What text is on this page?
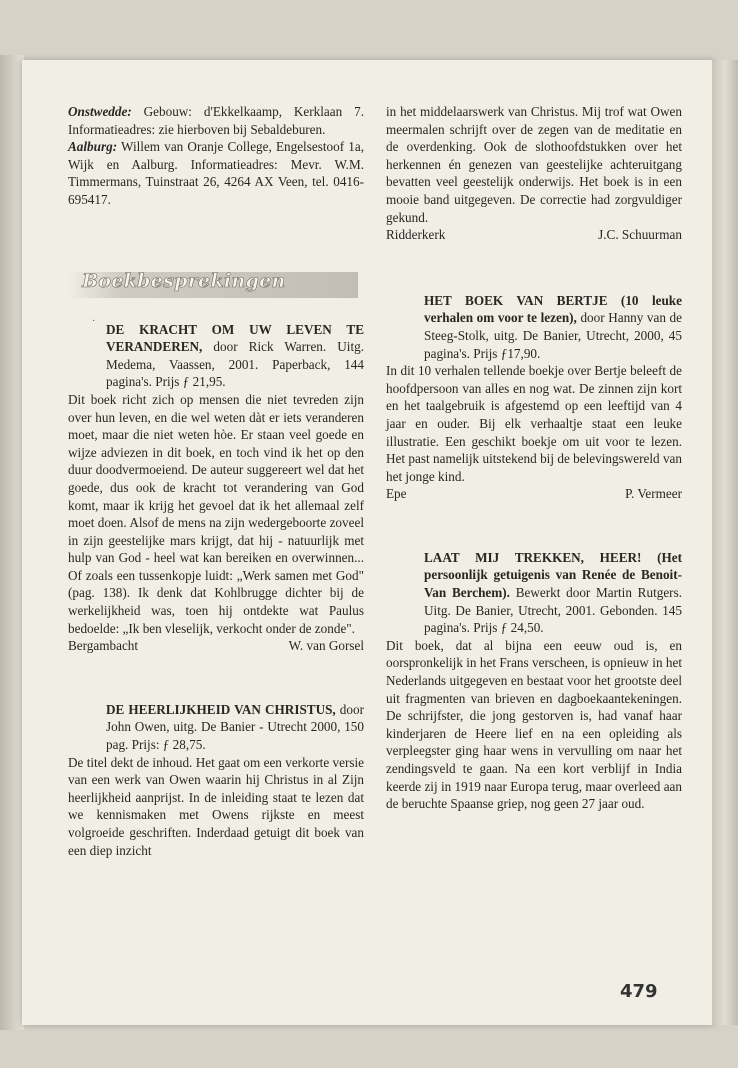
Onstwedde: Gebouw: d'Ekkelkaamp, Kerklaan 7. Informatieadres: zie hierboven bij Sebaldeburen.

Aalburg: Willem van Oranje College, Engelsestoof 1a, Wijk en Aalburg. Informatieadres: Mevr. W.M. Timmermans, Tuinstraat 26, 4264 AX Veen, tel. 0416-695417.

DE KRACHT OM UW LEVEN TE VERANDEREN, door Rick Warren. Uitg. Medema, Vaassen, 2001. Paperback, 144 pagina's. Prijs ƒ 21,95.

Dit boek richt zich op mensen die niet tevreden zijn over hun leven, en die wel weten dàt er iets veranderen moet, maar die niet weten hòe. Er staan veel goede en wijze adviezen in dit boek, en toch vind ik het op den duur doodvermoeiend. De auteur suggereert wel dat het goede, dus ook de kracht tot verandering van God komt, maar ik krijg het gevoel dat ik het allemaal zelf moet doen. Alsof de mens na zijn wedergeboorte zoveel in zijn geestelijke mars krijgt, dat hij - natuurlijk met hulp van God - heel wat kan bereiken en overwinnen... Of zoals een tussenkopje luidt: „Werk samen met God" (pag. 138). Ik denk dat Kohlbrugge dichter bij de werkelijkheid was, toen hij ontdekte wat Paulus bedoelde: „Ik ben vleselijk, verkocht onder de zonde".

Bergambacht	W. van Gorsel

DE HEERLIJKHEID VAN CHRISTUS, door John Owen, uitg. De Banier - Utrecht 2000, 150 pag. Prijs: ƒ 28,75.

De titel dekt de inhoud. Het gaat om een verkorte versie van een werk van Owen waarin hij Christus in al Zijn heerlijkheid aanprijst. In de inleiding staat te lezen dat we kennismaken met Owens rijkste en meest volgroeide geschriften. Inderdaad getuigt dit boek van een diep inzicht

Boekbesprekingen
·

in het middelaarswerk van Christus. Mij trof wat Owen meermalen schrijft over de zegen van de meditatie en de overdenking. Ook de slothoofdstukken over het herkennen én genezen van geestelijke achteruitgang bevatten veel geestelijk onderwijs. Het boek is in een mooie band uitgegeven. De correctie had zorgvuldiger gekund.

Ridderkerk	J.C. Schuurman

HET BOEK VAN BERTJE (10 leuke verhalen om voor te lezen), door Hanny van de Steeg-Stolk, uitg. De Banier, Utrecht, 2000, 45 pagina's. Prijs ƒ17,90.

In dit 10 verhalen tellende boekje over Bertje beleeft de hoofdpersoon van alles en nog wat. De zinnen zijn kort en het taalgebruik is afgestemd op een leeftijd van 4 jaar en ouder. Bij elk verhaaltje staat een leuke illustratie. Een geschikt boekje om uit voor te lezen. Het past namelijk uitstekend bij de belevingswereld van het jonge kind.

Epe	P. Vermeer

LAAT MIJ TREKKEN, HEER! (Het persoonlijk getuigenis van Renée de Benoit-Van Berchem). Bewerkt door Martin Rutgers. Uitg. De Banier, Utrecht, 2001. Gebonden. 145 pagina's. Prijs ƒ 24,50.

Dit boek, dat al bijna een eeuw oud is, en oorspronkelijk in het Frans verscheen, is opnieuw in het Nederlands uitgegeven en bestaat voor het grootste deel uit fragmenten van brieven en dagboekaantekeningen. De schrijfster, die jong gestorven is, had vanaf haar kinderjaren de Heere lief en na een opleiding als verpleegster ging haar wens in vervulling om naar het zendingsveld te gaan. Na een kort verblijf in India keerde zij in 1919 naar Europa terug, maar overleed aan de beruchte Spaanse griep, nog geen 27 jaar oud.

479
